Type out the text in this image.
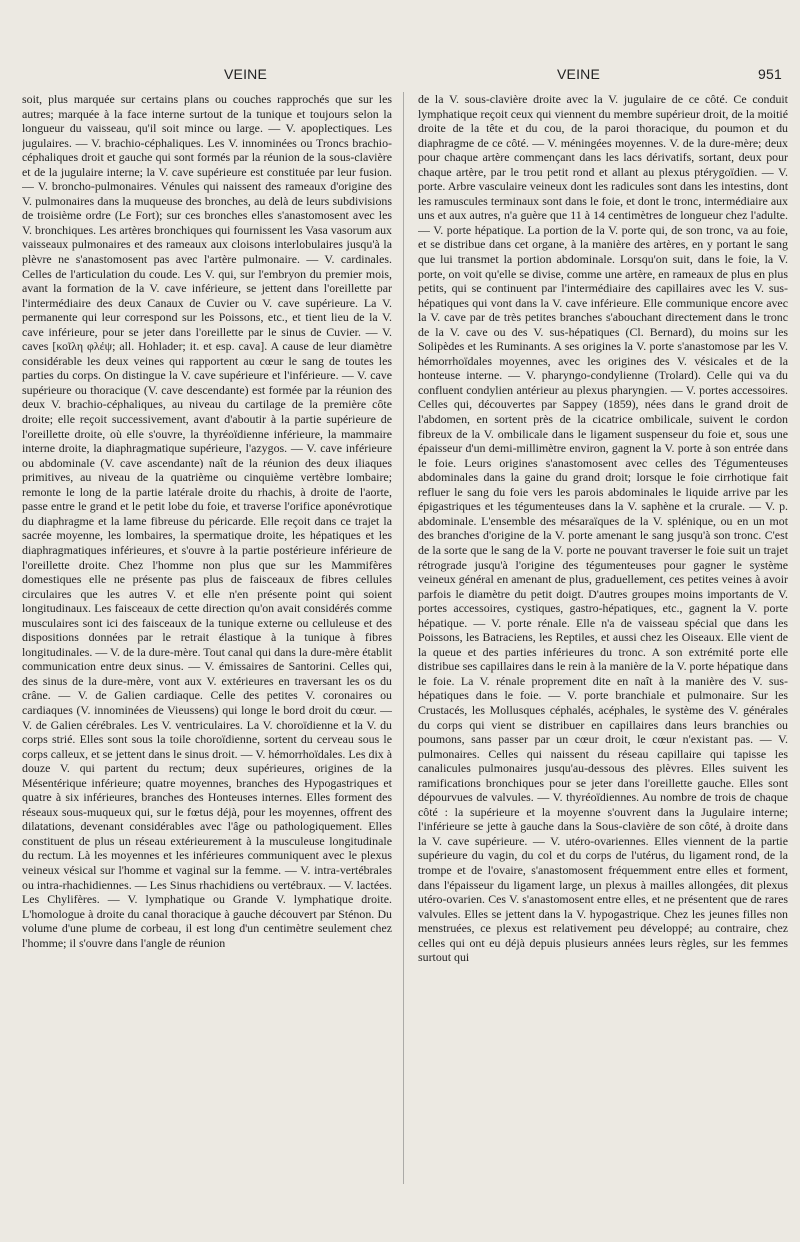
VEINE	VEINE	951

soit, plus marquée sur certains plans ou couches rapprochés que sur les autres; marquée à la face interne surtout de la tunique et toujours selon la longueur du vaisseau, qu'il soit mince ou large. — V. apoplectiques. Les jugulaires. — V. brachio-céphaliques. Les V. innominées ou Troncs brachio-céphaliques droit et gauche qui sont formés par la réunion de la sous-clavière et de la jugulaire interne; la V. cave supérieure est constituée par leur fusion. — V. broncho-pulmonaires. Vénules qui naissent des rameaux d'origine des V. pulmonaires dans la muqueuse des bronches, au delà de leurs subdivisions de troisième ordre (Le Fort); sur ces bronches elles s'anastomosent avec les V. bronchiques. Les artères bronchiques qui fournissent les Vasa vasorum aux vaisseaux pulmonaires et des rameaux aux cloisons interlobulaires jusqu'à la plèvre ne s'anastomosent pas avec l'artère pulmonaire. — V. cardinales. Celles de l'articulation du coude. Les V. qui, sur l'embryon du premier mois, avant la formation de la V. cave inférieure, se jettent dans l'oreillette par l'intermédiaire des deux Canaux de Cuvier ou V. cave supérieure. La V. permanente qui leur correspond sur les Poissons, etc., et tient lieu de la V. cave inférieure, pour se jeter dans l'oreillette par le sinus de Cuvier. — V. caves [κοῖλη φλέψ; all. Hohlader; it. et esp. cava]. A cause de leur diamètre considérable les deux veines qui rapportent au cœur le sang de toutes les parties du corps. On distingue la V. cave supérieure et l'inférieure. — V. cave supérieure ou thoracique (V. cave descendante) est formée par la réunion des deux V. brachio-céphaliques, au niveau du cartilage de la première côte droite; elle reçoit successivement, avant d'aboutir à la partie supérieure de l'oreillette droite, où elle s'ouvre, la thyréoïdienne inférieure, la mammaire interne droite, la diaphragmatique supérieure, l'azygos. — V. cave inférieure ou abdominale (V. cave ascendante) naît de la réunion des deux iliaques primitives, au niveau de la quatrième ou cinquième vertèbre lombaire; remonte le long de la partie latérale droite du rhachis, à droite de l'aorte, passe entre le grand et le petit lobe du foie, et traverse l'orifice aponévrotique du diaphragme et la lame fibreuse du péricarde. Elle reçoit dans ce trajet la sacrée moyenne, les lombaires, la spermatique droite, les hépatiques et les diaphragmatiques inférieures, et s'ouvre à la partie postérieure inférieure de l'oreillette droite. Chez l'homme non plus que sur les Mammifères domestiques elle ne présente pas plus de faisceaux de fibres cellules circulaires que les autres V. et elle n'en présente point qui soient longitudinaux. Les faisceaux de cette direction qu'on avait considérés comme musculaires sont ici des faisceaux de la tunique externe ou celluleuse et des dispositions données par le retrait élastique à la tunique à fibres longitudinales. — V. de la dure-mère. Tout canal qui dans la dure-mère établit communication entre deux sinus. — V. émissaires de Santorini. Celles qui, des sinus de la dure-mère, vont aux V. extérieures en traversant les os du crâne. — V. de Galien cardiaque. Celle des petites V. coronaires ou cardiaques (V. innominées de Vieussens) qui longe le bord droit du cœur. — V. de Galien cérébrales. Les V. ventriculaires. La V. choroïdienne et la V. du corps strié. Elles sont sous la toile choroïdienne, sortent du cerveau sous le corps calleux, et se jettent dans le sinus droit. — V. hémorrhoïdales. Les dix à douze V. qui partent du rectum; deux supérieures, origines de la Mésentérique inférieure; quatre moyennes, branches des Hypogastriques et quatre à six inférieures, branches des Honteuses internes. Elles forment des réseaux sous-muqueux qui, sur le fœtus déjà, pour les moyennes, offrent des dilatations, devenant considérables avec l'âge ou pathologiquement. Elles constituent de plus un réseau extérieurement à la musculeuse longitudinale du rectum. Là les moyennes et les inférieures communiquent avec le plexus veineux vésical sur l'homme et vaginal sur la femme. — V. intra-vertébrales ou intra-rhachidiennes. — Les Sinus rhachidiens ou vertébraux. — V. lactées. Les Chylifères. — V. lymphatique ou Grande V. lymphatique droite. L'homologue à droite du canal thoracique à gauche découvert par Sténon. Du volume d'une plume de corbeau, il est long d'un centimètre seulement chez l'homme; il s'ouvre dans l'angle de réunion

de la V. sous-clavière droite avec la V. jugulaire de ce côté. Ce conduit lymphatique reçoit ceux qui viennent du membre supérieur droit, de la moitié droite de la tête et du cou, de la paroi thoracique, du poumon et du diaphragme de ce côté. — V. méningées moyennes. V. de la dure-mère; deux pour chaque artère commençant dans les lacs dérivatifs, sortant, deux pour chaque artère, par le trou petit rond et allant au plexus ptérygoïdien. — V. porte. Arbre vasculaire veineux dont les radicules sont dans les intestins, dont les ramuscules terminaux sont dans le foie, et dont le tronc, intermédiaire aux uns et aux autres, n'a guère que 11 à 14 centimètres de longueur chez l'adulte. — V. porte hépatique. La portion de la V. porte qui, de son tronc, va au foie, et se distribue dans cet organe, à la manière des artères, en y portant le sang que lui transmet la portion abdominale. Lorsqu'on suit, dans le foie, la V. porte, on voit qu'elle se divise, comme une artère, en rameaux de plus en plus petits, qui se continuent par l'intermédiaire des capillaires avec les V. sus-hépatiques qui vont dans la V. cave inférieure. Elle communique encore avec la V. cave par de très petites branches s'abouchant directement dans le tronc de la V. cave ou des V. sus-hépatiques (Cl. Bernard), du moins sur les Solipèdes et les Ruminants. A ses origines la V. porte s'anastomose par les V. hémorrhoïdales moyennes, avec les origines des V. vésicales et de la honteuse interne. — V. pharyngo-condylienne (Trolard). Celle qui va du confluent condylien antérieur au plexus pharyngien. — V. portes accessoires. Celles qui, découvertes par Sappey (1859), nées dans le grand droit de l'abdomen, en sortent près de la cicatrice ombilicale, suivent le cordon fibreux de la V. ombilicale dans le ligament suspenseur du foie et, sous une épaisseur d'un demi-millimètre environ, gagnent la V. porte à son entrée dans le foie. Leurs origines s'anastomosent avec celles des Tégumenteuses abdominales dans la gaine du grand droit; lorsque le foie cirrhotique fait refluer le sang du foie vers les parois abdominales le liquide arrive par les épigastriques et les tégumenteuses dans la V. saphène et la crurale. — V. p. abdominale. L'ensemble des mésaraïques de la V. splénique, ou en un mot des branches d'origine de la V. porte amenant le sang jusqu'à son tronc. C'est de la sorte que le sang de la V. porte ne pouvant traverser le foie suit un trajet rétrograde jusqu'à l'origine des tégumenteuses pour gagner le système veineux général en amenant de plus, graduellement, ces petites veines à avoir parfois le diamètre du petit doigt. D'autres groupes moins importants de V. portes accessoires, cystiques, gastro-hépatiques, etc., gagnent la V. porte hépatique. — V. porte rénale. Elle n'a de vaisseau spécial que dans les Poissons, les Batraciens, les Reptiles, et aussi chez les Oiseaux. Elle vient de la queue et des parties inférieures du tronc. A son extrémité porte elle distribue ses capillaires dans le rein à la manière de la V. porte hépatique dans le foie. La V. rénale proprement dite en naît à la manière des V. sus-hépatiques dans le foie. — V. porte branchiale et pulmonaire. Sur les Crustacés, les Mollusques céphalés, acéphales, le système des V. générales du corps qui vient se distribuer en capillaires dans leurs branchies ou poumons, sans passer par un cœur droit, le cœur n'existant pas. — V. pulmonaires. Celles qui naissent du réseau capillaire qui tapisse les canalicules pulmonaires jusqu'au-dessous des plèvres. Elles suivent les ramifications bronchiques pour se jeter dans l'oreillette gauche. Elles sont dépourvues de valvules. — V. thyréoïdiennes. Au nombre de trois de chaque côté : la supérieure et la moyenne s'ouvrent dans la Jugulaire interne; l'inférieure se jette à gauche dans la Sous-clavière de son côté, à droite dans la V. cave supérieure. — V. utéro-ovariennes. Elles viennent de la partie supérieure du vagin, du col et du corps de l'utérus, du ligament rond, de la trompe et de l'ovaire, s'anastomosent fréquemment entre elles et forment, dans l'épaisseur du ligament large, un plexus à mailles allongées, dit plexus utéro-ovarien. Ces V. s'anastomosent entre elles, et ne présentent que de rares valvules. Elles se jettent dans la V. hypogastrique. Chez les jeunes filles non menstruées, ce plexus est relativement peu développé; au contraire, chez celles qui ont eu déjà depuis plusieurs années leurs règles, sur les femmes surtout qui
